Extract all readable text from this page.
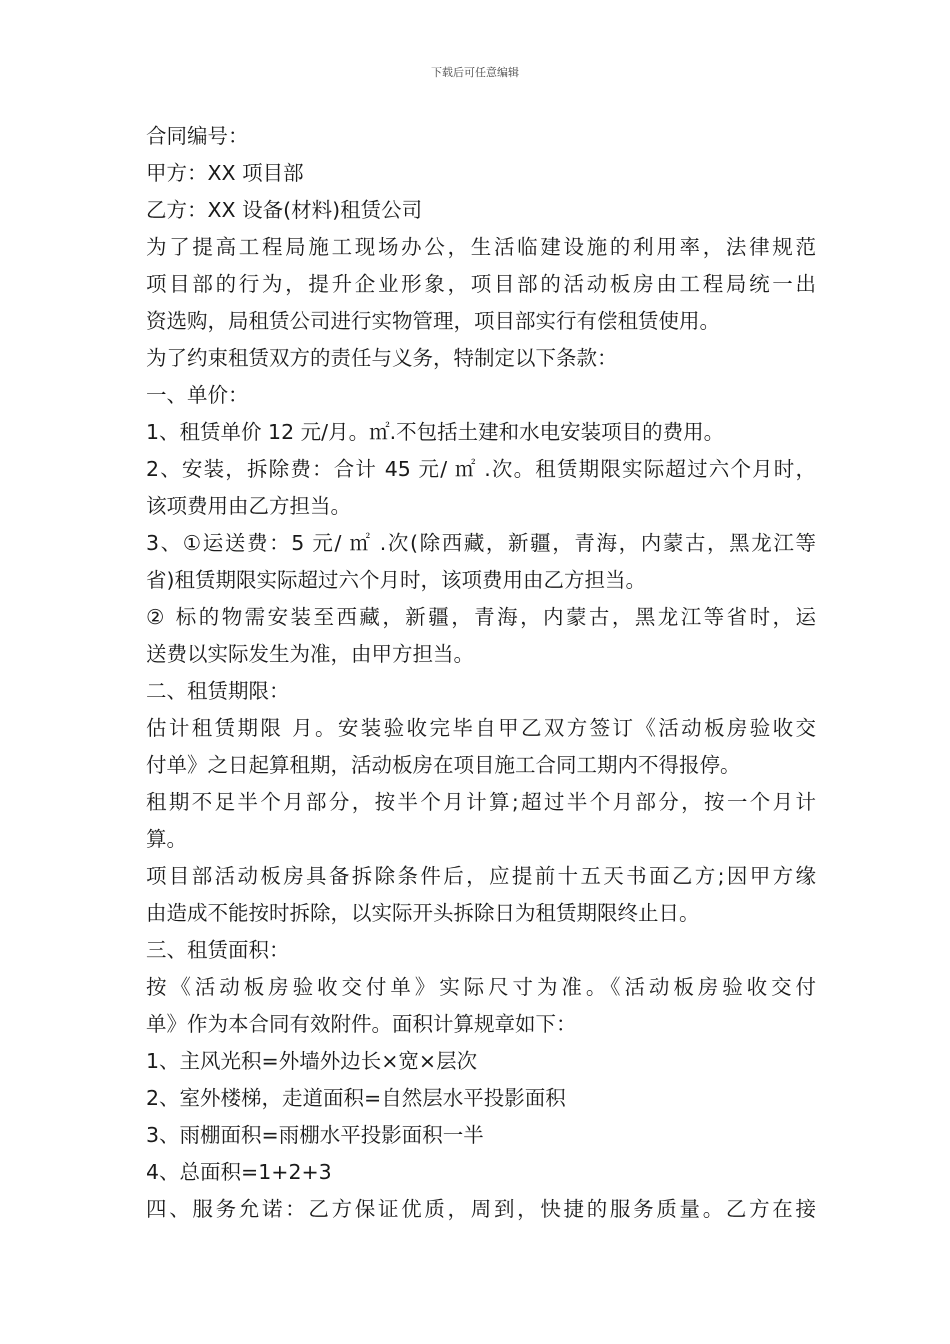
下载后可任意编辑
合同编号：
甲方：XX 项目部
乙方：XX 设备(材料)租赁公司
为了提高工程局施工现场办公，生活临建设施的利用率，法律规范
项目部的行为，提升企业形象，项目部的活动板房由工程局统一出
资选购，局租赁公司进行实物管理，项目部实行有偿租赁使用。
为了约束租赁双方的责任与义务，特制定以下条款：
一、单价：
1、租赁单价 12 元/月。㎡.不包括土建和水电安装项目的费用。
2、安装，拆除费：合计 45 元/ ㎡ .次。租赁期限实际超过六个月时，
该项费用由乙方担当。
3、①运送费：5 元/ ㎡ .次(除西藏，新疆，青海，内蒙古，黑龙江等
省)租赁期限实际超过六个月时，该项费用由乙方担当。
② 标的物需安装至西藏，新疆，青海，内蒙古，黑龙江等省时，运
送费以实际发生为准，由甲方担当。
二、租赁期限：
估计租赁期限 月。安装验收完毕自甲乙双方签订《活动板房验收交
付单》之日起算租期，活动板房在项目施工合同工期内不得报停。
租期不足半个月部分，按半个月计算;超过半个月部分，按一个月计
算。
项目部活动板房具备拆除条件后，应提前十五天书面乙方;因甲方缘
由造成不能按时拆除，以实际开头拆除日为租赁期限终止日。
三、租赁面积：
按《活动板房验收交付单》实际尺寸为准。《活动板房验收交付
单》作为本合同有效附件。面积计算规章如下：
1、主风光积=外墙外边长×宽×层次
2、室外楼梯，走道面积=自然层水平投影面积
3、雨棚面积=雨棚水平投影面积一半
4、总面积=1+2+3
四、服务允诺：乙方保证优质，周到，快捷的服务质量。乙方在接
